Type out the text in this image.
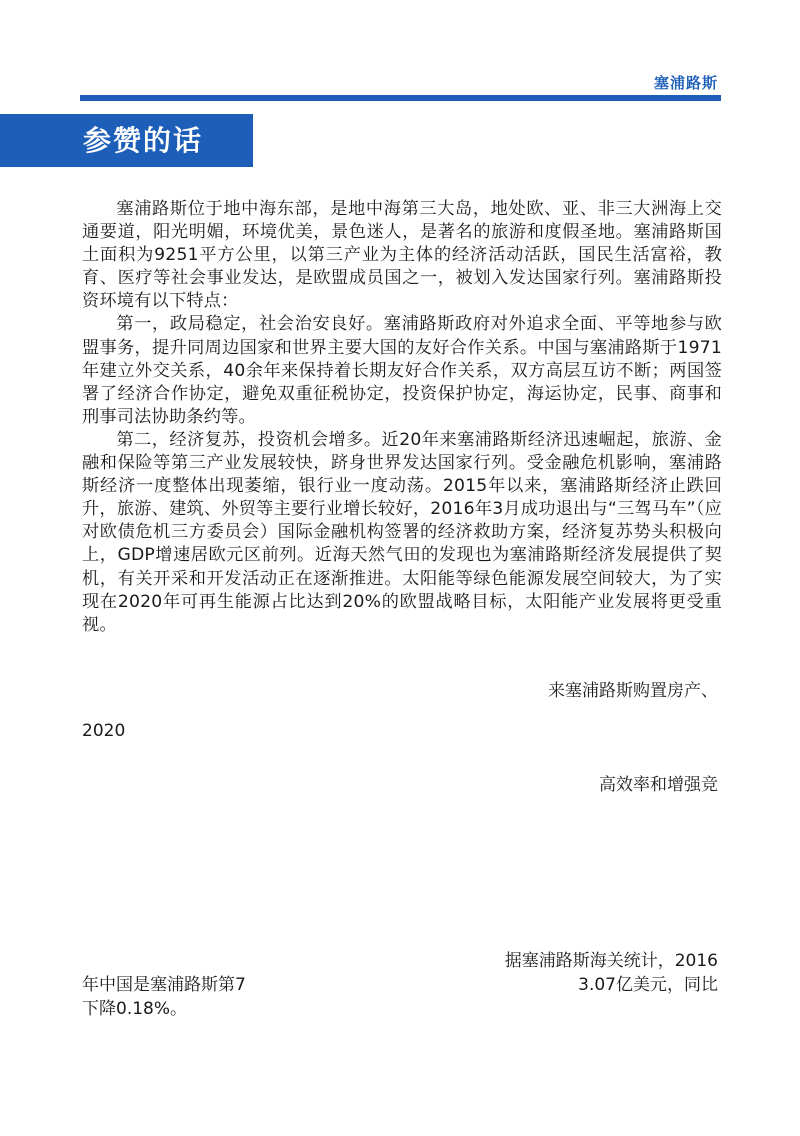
塞浦路斯
参赞的话

塞浦路斯位于地中海东部，是地中海第三大岛，地处欧、亚、非三大洲海上交通要道，阳光明媚，环境优美，景色迷人，是著名的旅游和度假圣地。塞浦路斯国土面积为9251平方公里，以第三产业为主体的经济活动活跃，国民生活富裕，教育、医疗等社会事业发达，是欧盟成员国之一，被划入发达国家行列。塞浦路斯投资环境有以下特点：

第一，政局稳定，社会治安良好。塞浦路斯政府对外追求全面、平等地参与欧盟事务，提升同周边国家和世界主要大国的友好合作关系。中国与塞浦路斯于1971年建立外交关系，40余年来保持着长期友好合作关系，双方高层互访不断；两国签署了经济合作协定，避免双重征税协定，投资保护协定，海运协定，民事、商事和刑事司法协助条约等。

第二，经济复苏，投资机会增多。近20年来塞浦路斯经济迅速崛起，旅游、金融和保险等第三产业发展较快，跻身世界发达国家行列。受金融危机影响，塞浦路斯经济一度整体出现萎缩，银行业一度动荡。2015年以来，塞浦路斯经济止跌回升，旅游、建筑、外贸等主要行业增长较好，2016年3月成功退出与“三驾马车”（应对欧债危机三方委员会）国际金融机构签署的经济救助方案，经济复苏势头积极向上，GDP增速居欧元区前列。近海天然气田的发现也为塞浦路斯经济发展提供了契机，有关开采和开发活动正在逐渐推进。太阳能等绿色能源发展空间较大，为了实现在2020年可再生能源占比达到20%的欧盟战略目标，太阳能产业发展将更受重视。

来塞浦路斯购置房产、
2020
高效率和增强竞
据塞浦路斯海关统计，2016
年中国是塞浦路斯第7	3.07亿美元，同比
下降0.18%。
